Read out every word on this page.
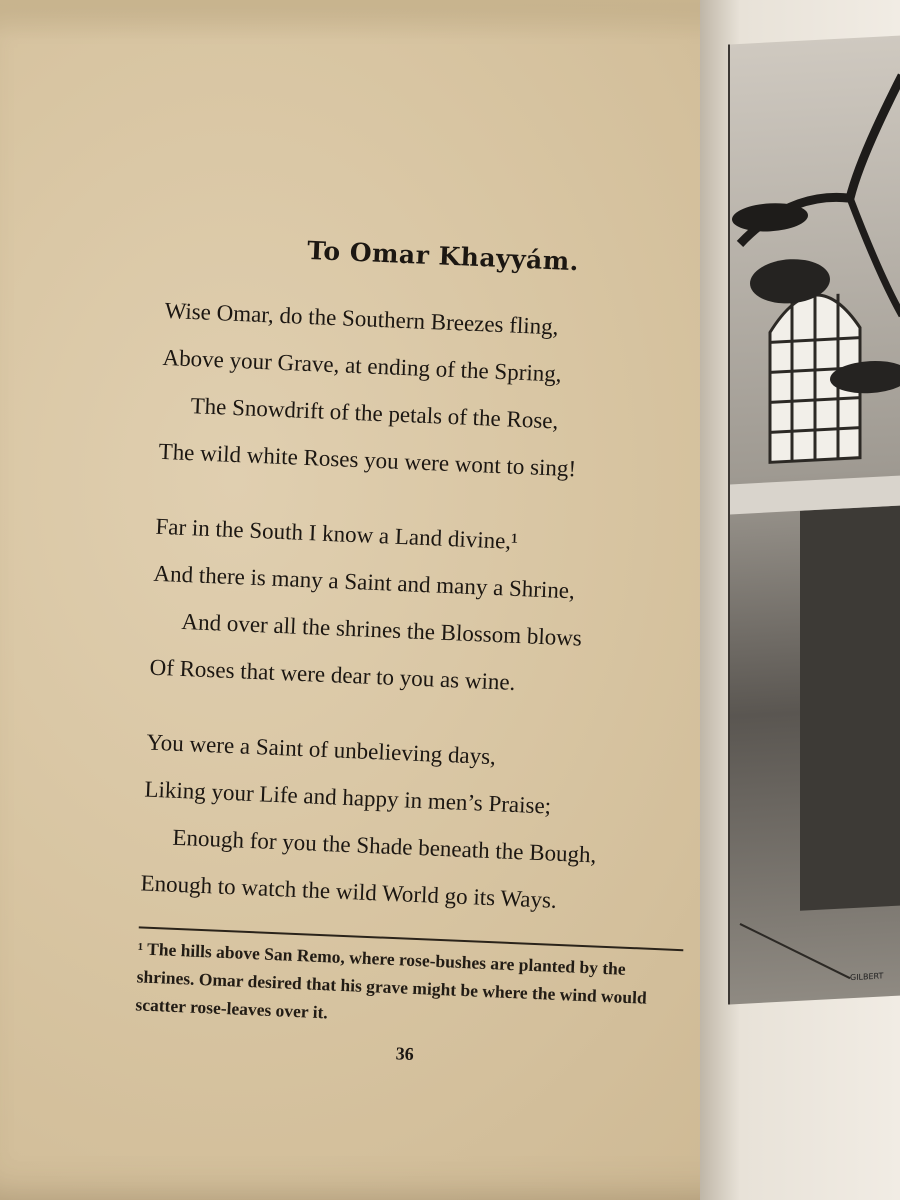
To Omar Khayyám.
Wise Omar, do the Southern Breezes fling,
Above your Grave, at ending of the Spring,
The Snowdrift of the petals of the Rose,
The wild white Roses you were wont to sing!
Far in the South I know a Land divine,¹
And there is many a Saint and many a Shrine,
And over all the shrines the Blossom blows
Of Roses that were dear to you as wine.
You were a Saint of unbelieving days,
Liking your Life and happy in men’s Praise;
Enough for you the Shade beneath the Bough,
Enough to watch the wild World go its Ways.
¹ The hills above San Remo, where rose-bushes are planted by the shrines. Omar desired that his grave might be where the wind would scatter rose-leaves over it.
36
GILBERT
